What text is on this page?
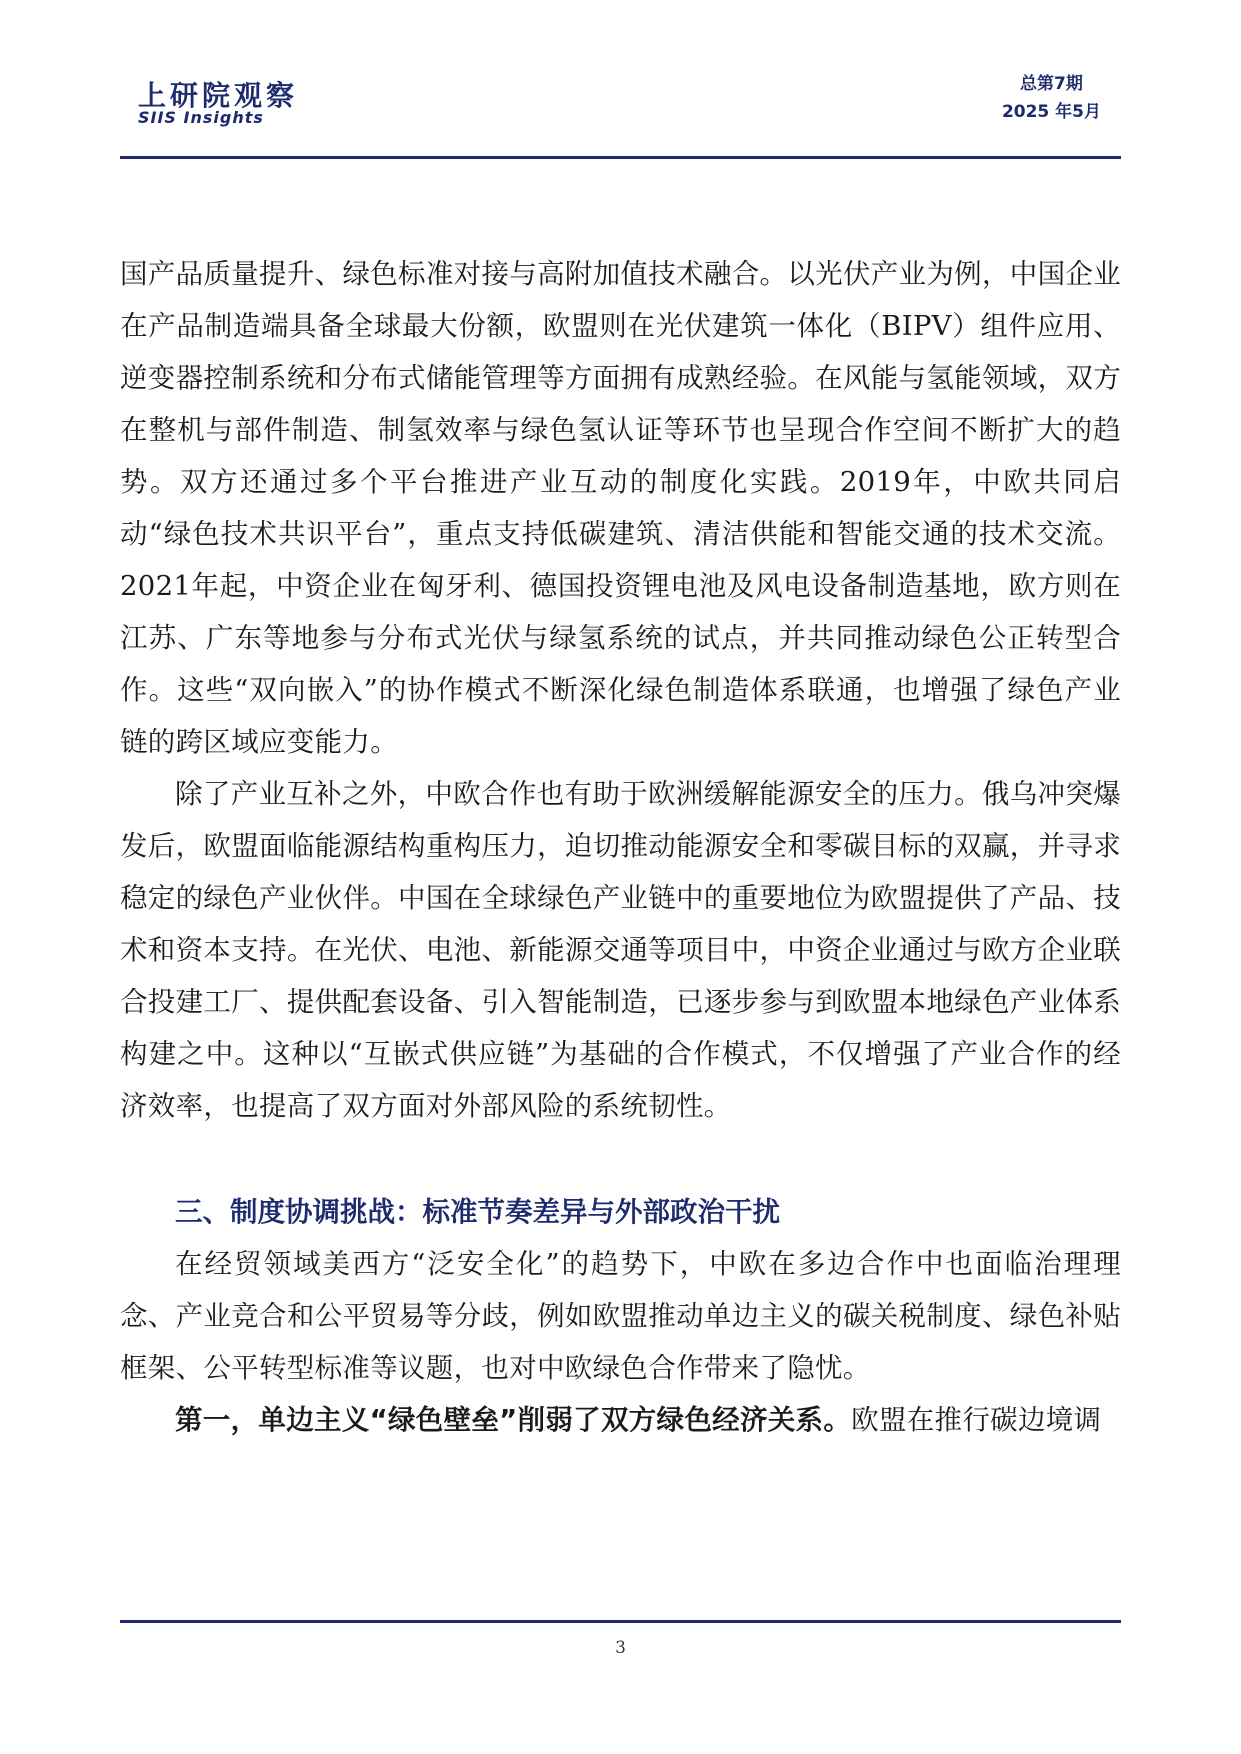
上研院观察
SIIS Insights
总第7期
2025 年5月

国产品质量提升、绿色标准对接与高附加值技术融合。以光伏产业为例，中国企业在产品制造端具备全球最大份额，欧盟则在光伏建筑一体化（BIPV）组件应用、逆变器控制系统和分布式储能管理等方面拥有成熟经验。在风能与氢能领域，双方在整机与部件制造、制氢效率与绿色氢认证等环节也呈现合作空间不断扩大的趋势。双方还通过多个平台推进产业互动的制度化实践。2019年，中欧共同启动“绿色技术共识平台”，重点支持低碳建筑、清洁供能和智能交通的技术交流。2021年起，中资企业在匈牙利、德国投资锂电池及风电设备制造基地，欧方则在江苏、广东等地参与分布式光伏与绿氢系统的试点，并共同推动绿色公正转型合作。这些“双向嵌入”的协作模式不断深化绿色制造体系联通，也增强了绿色产业链的跨区域应变能力。

除了产业互补之外，中欧合作也有助于欧洲缓解能源安全的压力。俄乌冲突爆发后，欧盟面临能源结构重构压力，迫切推动能源安全和零碳目标的双赢，并寻求稳定的绿色产业伙伴。中国在全球绿色产业链中的重要地位为欧盟提供了产品、技术和资本支持。在光伏、电池、新能源交通等项目中，中资企业通过与欧方企业联合投建工厂、提供配套设备、引入智能制造，已逐步参与到欧盟本地绿色产业体系构建之中。这种以“互嵌式供应链”为基础的合作模式，不仅增强了产业合作的经济效率，也提高了双方面对外部风险的系统韧性。

三、制度协调挑战：标准节奏差异与外部政治干扰

在经贸领域美西方“泛安全化”的趋势下，中欧在多边合作中也面临治理理念、产业竞合和公平贸易等分歧，例如欧盟推动单边主义的碳关税制度、绿色补贴框架、公平转型标准等议题，也对中欧绿色合作带来了隐忧。

第一，单边主义“绿色壁垒”削弱了双方绿色经济关系。欧盟在推行碳边境调

3
